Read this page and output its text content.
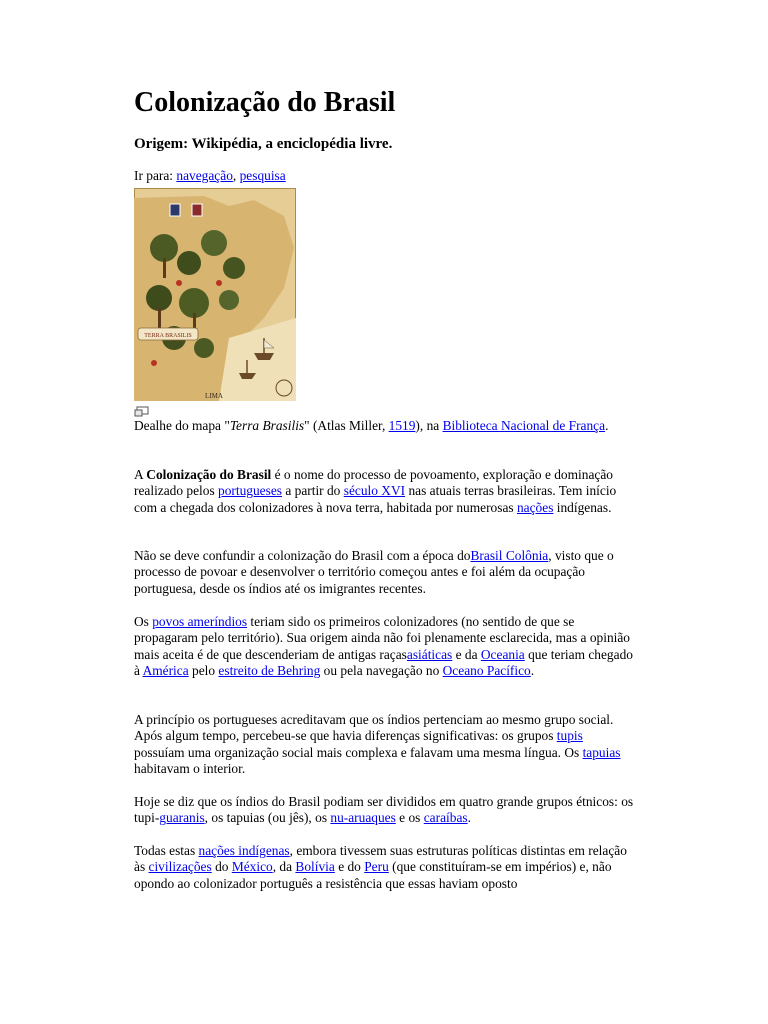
Colonização do Brasil

Origem: Wikipédia, a enciclopédia livre.

Ir para: navegação, pesquisa

TERRA BRASILIS
LIMA

Dealhe do mapa "Terra Brasilis" (Atlas Miller, 1519), na Biblioteca Nacional de França.

A Colonização do Brasil é o nome do processo de povoamento, exploração e dominação realizado pelos portugueses a partir do século XVI nas atuais terras brasileiras. Tem início com a chegada dos colonizadores à nova terra, habitada por numerosas nações indígenas.

Não se deve confundir a colonização do Brasil com a época doBrasil Colônia, visto que o processo de povoar e desenvolver o território começou antes e foi além da ocupação portuguesa, desde os índios até os imigrantes recentes.

Os povos ameríndios teriam sido os primeiros colonizadores (no sentido de que se propagaram pelo território). Sua origem ainda não foi plenamente esclarecida, mas a opinião mais aceita é de que descenderiam de antigas raçasasiáticas e da Oceania que teriam chegado à América pelo estreito de Behring ou pela navegação no Oceano Pacífico.

A princípio os portugueses acreditavam que os índios pertenciam ao mesmo grupo social. Após algum tempo, percebeu-se que havia diferenças significativas: os grupos tupis possuíam uma organização social mais complexa e falavam uma mesma língua. Os tapuias habitavam o interior.

Hoje se diz que os índios do Brasil podiam ser divididos em quatro grande grupos étnicos: os tupi-guaranis, os tapuias (ou jês), os nu-aruaques e os caraíbas.

Todas estas nações indígenas, embora tivessem suas estruturas políticas distintas em relação às civilizações do México, da Bolívia e do Peru (que constituíram-se em impérios) e, não opondo ao colonizador português a resistência que essas haviam oposto
